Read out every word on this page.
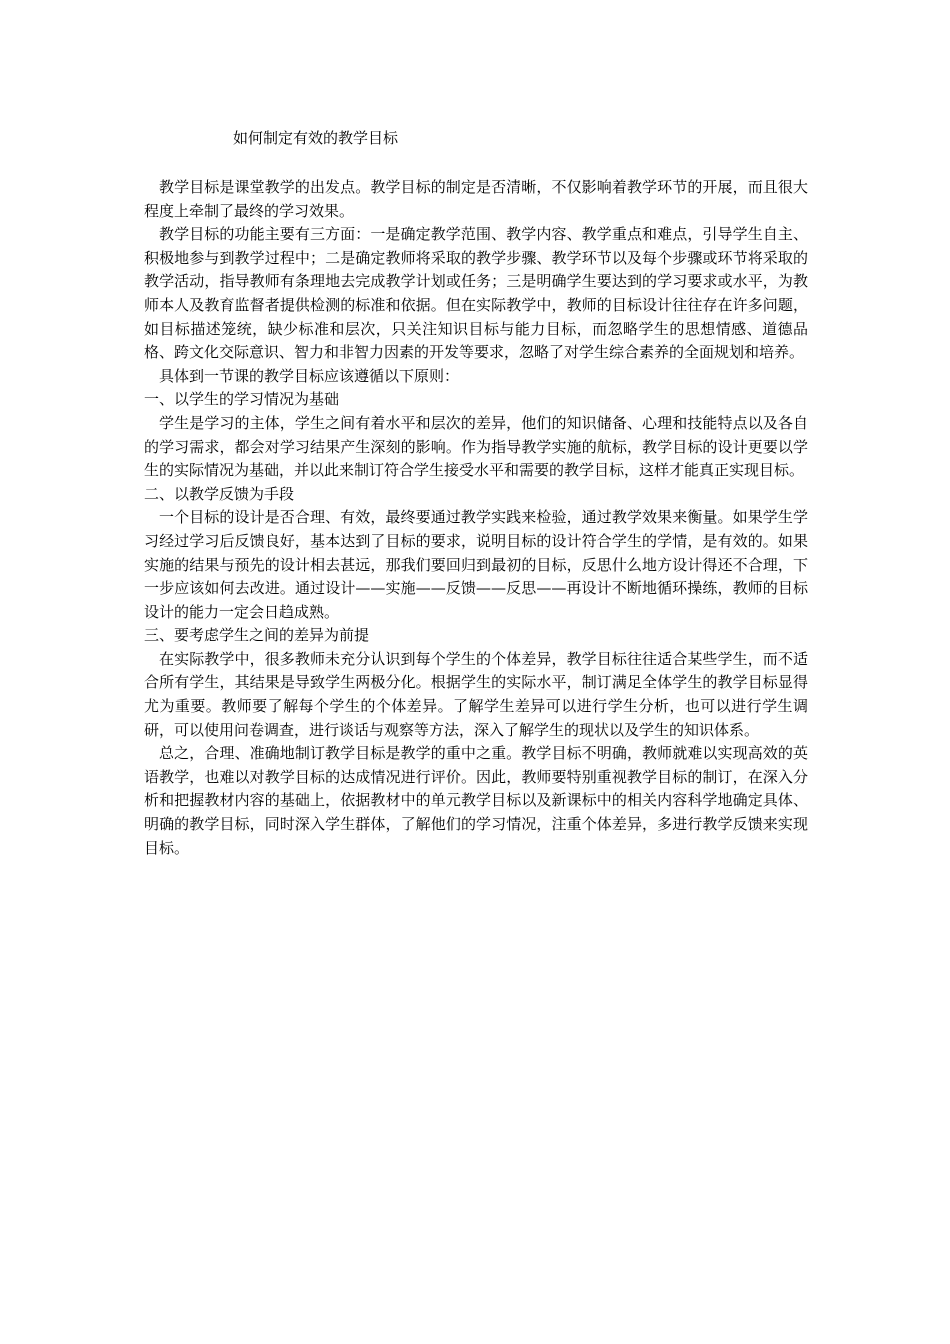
如何制定有效的教学目标

教学目标是课堂教学的出发点。教学目标的制定是否清晰，不仅影响着教学环节的开展，而且很大程度上牵制了最终的学习效果。

教学目标的功能主要有三方面：一是确定教学范围、教学内容、教学重点和难点，引导学生自主、积极地参与到教学过程中；二是确定教师将采取的教学步骤、教学环节以及每个步骤或环节将采取的教学活动，指导教师有条理地去完成教学计划或任务；三是明确学生要达到的学习要求或水平，为教师本人及教育监督者提供检测的标准和依据。但在实际教学中，教师的目标设计往往存在许多问题，如目标描述笼统，缺少标准和层次，只关注知识目标与能力目标，而忽略学生的思想情感、道德品格、跨文化交际意识、智力和非智力因素的开发等要求，忽略了对学生综合素养的全面规划和培养。

具体到一节课的教学目标应该遵循以下原则：

一、以学生的学习情况为基础

学生是学习的主体，学生之间有着水平和层次的差异，他们的知识储备、心理和技能特点以及各自的学习需求，都会对学习结果产生深刻的影响。作为指导教学实施的航标，教学目标的设计更要以学生的实际情况为基础，并以此来制订符合学生接受水平和需要的教学目标，这样才能真正实现目标。

二、以教学反馈为手段

一个目标的设计是否合理、有效，最终要通过教学实践来检验，通过教学效果来衡量。如果学生学习经过学习后反馈良好，基本达到了目标的要求，说明目标的设计符合学生的学情，是有效的。如果实施的结果与预先的设计相去甚远，那我们要回归到最初的目标，反思什么地方设计得还不合理，下一步应该如何去改进。通过设计——实施——反馈——反思——再设计不断地循环操练，教师的目标设计的能力一定会日趋成熟。

三、要考虑学生之间的差异为前提

在实际教学中，很多教师未充分认识到每个学生的个体差异，教学目标往往适合某些学生，而不适合所有学生，其结果是导致学生两极分化。根据学生的实际水平，制订满足全体学生的教学目标显得尤为重要。教师要了解每个学生的个体差异。了解学生差异可以进行学生分析，也可以进行学生调研，可以使用问卷调查，进行谈话与观察等方法，深入了解学生的现状以及学生的知识体系。

总之，合理、准确地制订教学目标是教学的重中之重。教学目标不明确，教师就难以实现高效的英语教学，也难以对教学目标的达成情况进行评价。因此，教师要特别重视教学目标的制订，在深入分析和把握教材内容的基础上，依据教材中的单元教学目标以及新课标中的相关内容科学地确定具体、明确的教学目标，同时深入学生群体，了解他们的学习情况，注重个体差异，多进行教学反馈来实现目标。
